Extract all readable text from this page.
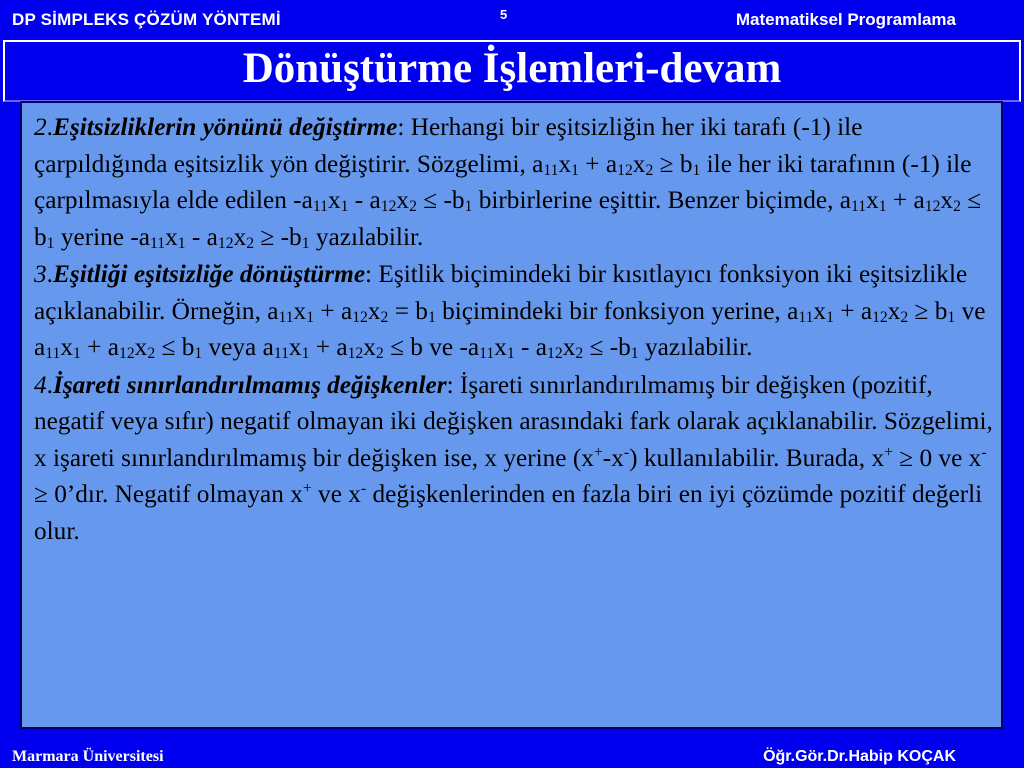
DP SİMPLEKS ÇÖZÜM YÖNTEMİ	5	Matematiksel Programlama
Dönüştürme İşlemleri-devam

2.Eşitsizliklerin yönünü değiştirme: Herhangi bir eşitsizliğin her iki tarafı (-1) ile çarpıldığında eşitsizlik yön değiştirir. Sözgelimi, $a_{11}x_1 + a_{12}x_2 \ge b_1$ ile her iki tarafının (-1) ile çarpılmasıyla elde edilen $-a_{11}x_1 - a_{12}x_2 \le -b_1$ birbirlerine eşittir. Benzer biçimde, $a_{11}x_1 + a_{12}x_2 \le b_1$ yerine $-a_{11}x_1 - a_{12}x_2 \ge -b_1$ yazılabilir.

3.Eşitliği eşitsizliğe dönüştürme: Eşitlik biçimindeki bir kısıtlayıcı fonksiyon iki eşitsizlikle açıklanabilir. Örneğin, $a_{11}x_1 + a_{12}x_2 = b_1$ biçimindeki bir fonksiyon yerine, $a_{11}x_1 + a_{12}x_2 \ge b_1$ ve $a_{11}x_1 + a_{12}x_2 \le b_1$ veya $a_{11}x_1 + a_{12}x_2 \le b$ ve $-a_{11}x_1 - a_{12}x_2 \le -b_1$ yazılabilir.

4.İşareti sınırlandırılmamış değişkenler: İşareti sınırlandırılmamış bir değişken (pozitif, negatif veya sıfır) negatif olmayan iki değişken arasındaki fark olarak açıklanabilir. Sözgelimi, x işareti sınırlandırılmamış bir değişken ise, x yerine (x+-x-) kullanılabilir. Burada, x+ ≥ 0 ve x-≥ 0’dır. Negatif olmayan x+ ve x- değişkenlerinden en fazla biri en iyi çözümde pozitif değerli olur.

Marmara Üniversitesi	Öğr.Gör.Dr.Habip KOÇAK
